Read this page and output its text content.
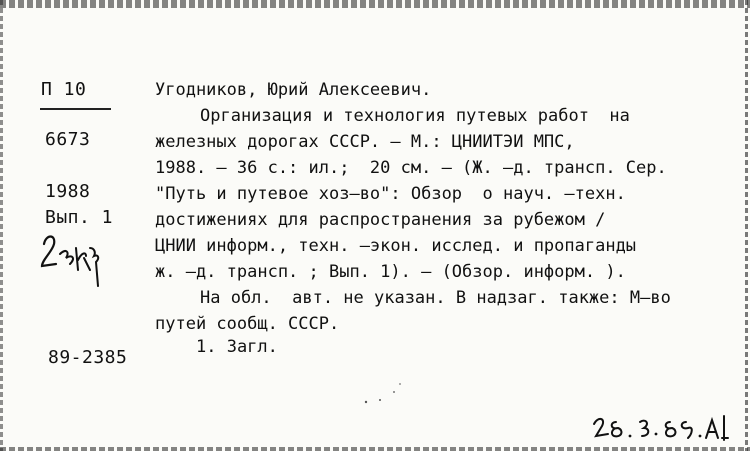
П 10
6673
1988
Вып. 1
89-2385
Угодников, Юрий Алексеевич.
Организация и технология путевых работ  на
железных дорогах СССР. – М.: ЦНИИТЭИ МПС,
1988. – 36 с.: ил.;  20 см. – (Ж. –д. трансп. Сер.
"Путь и путевое хоз–во": Обзор  о науч. –техн.
достижениях для распространения за рубежом /
ЦНИИ информ., техн. –экон. исслед. и пропаганды
ж. –д. трансп. ; Вып. 1). – (Обзор. информ. ).
На обл.  авт. не указан. В надзаг. также: М–во
путей сообщ. СССР.
1. Загл.
